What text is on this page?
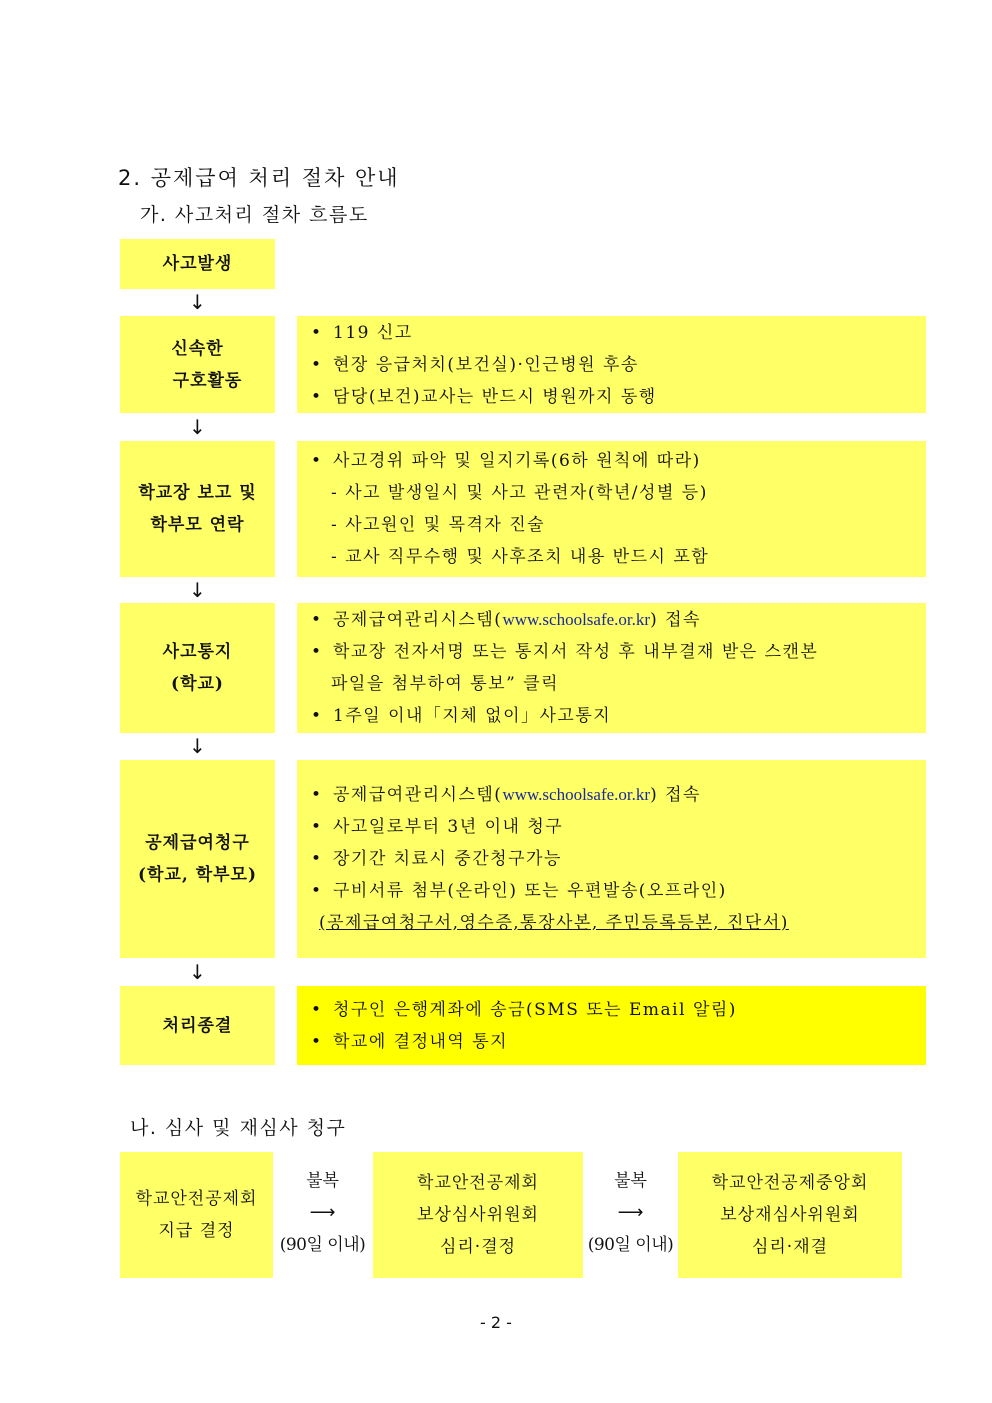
2. 공제급여 처리 절차 안내
가. 사고처리 절차 흐름도
사고발생
↓
신속한
구호활동
• 119 신고
• 현장 응급처치(보건실)·인근병원 후송
• 담당(보건)교사는 반드시 병원까지 동행
↓
학교장 보고 및
학부모 연락
• 사고경위 파악 및 일지기록(6하 원칙에 따라)
- 사고 발생일시 및 사고 관련자(학년/성별 등)
- 사고원인 및 목격자 진술
- 교사 직무수행 및 사후조치 내용 반드시 포함
↓
사고통지
(학교)
• 공제급여관리시스템(www.schoolsafe.or.kr) 접속
• 학교장 전자서명 또는 통지서 작성 후 내부결재 받은 스캔본
파일을 첨부하여 통보” 클릭
• 1주일 이내「지체 없이」사고통지
↓
공제급여청구
(학교, 학부모)
• 공제급여관리시스템(www.schoolsafe.or.kr) 접속
• 사고일로부터 3년 이내 청구
• 장기간 치료시 중간청구가능
• 구비서류 첨부(온라인) 또는 우편발송(오프라인)
(공제급여청구서,영수증,통장사본, 주민등록등본, 진단서)
↓
처리종결
• 청구인 은행계좌에 송금(SMS 또는 Email 알림)
• 학교에 결정내역 통지
나. 심사 및 재심사 청구
학교안전공제회
지급 결정
불복
⟶
(90일 이내)
학교안전공제회
보상심사위원회
심리·결정
불복
⟶
(90일 이내)
학교안전공제중앙회
보상재심사위원회
심리·재결
- 2 -
